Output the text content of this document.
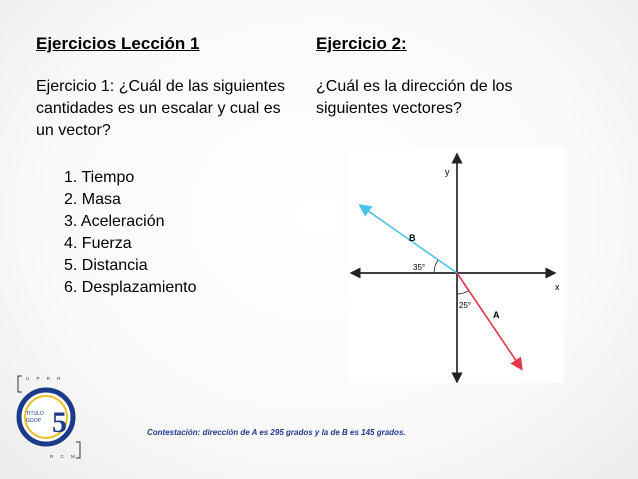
Ejercicios Lección 1	Ejercicio 2:
Ejercicio 1: ¿Cuál de las siguientes cantidades es un escalar y cual es un vector?
¿Cuál es la dirección de los siguientes vectores?
1. Tiempo
2. Masa
3. Aceleración
4. Fuerza
5. Distancia
6. Desplazamiento	x
y
B
35°
A
25°
Contestación: dirección de A es 295 grados y la de B es 145 grados.
U P R R
TÍTULO
GOOP 5
R C M
